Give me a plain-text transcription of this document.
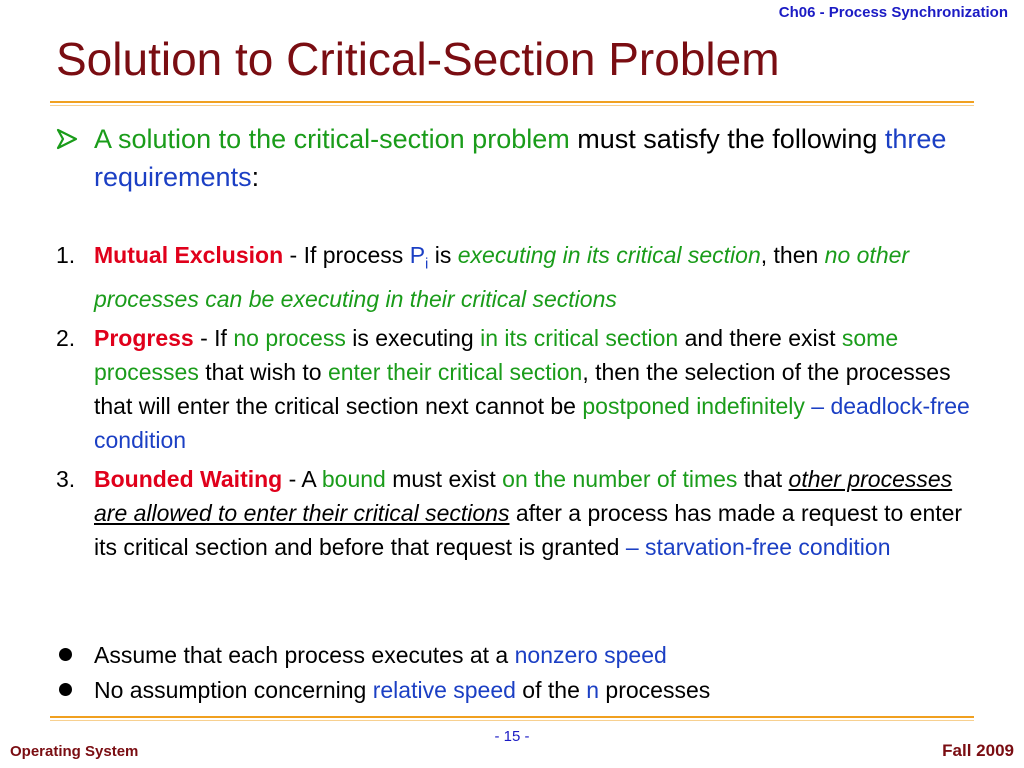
Ch06 - Process Synchronization
Solution to Critical-Section Problem
A solution to the critical-section problem must satisfy the following three requirements:
1. Mutual Exclusion - If process $P_i$ is executing in its critical section, then no other processes can be executing in their critical sections
2. Progress - If no process is executing in its critical section and there exist some processes that wish to enter their critical section, then the selection of the processes that will enter the critical section next cannot be postponed indefinitely – deadlock-free condition
3. Bounded Waiting - A bound must exist on the number of times that other processes are allowed to enter their critical sections after a process has made a request to enter its critical section and before that request is granted – starvation-free condition
Assume that each process executes at a nonzero speed
No assumption concerning relative speed of the n processes
- 15 -
Operating System	Fall 2009
